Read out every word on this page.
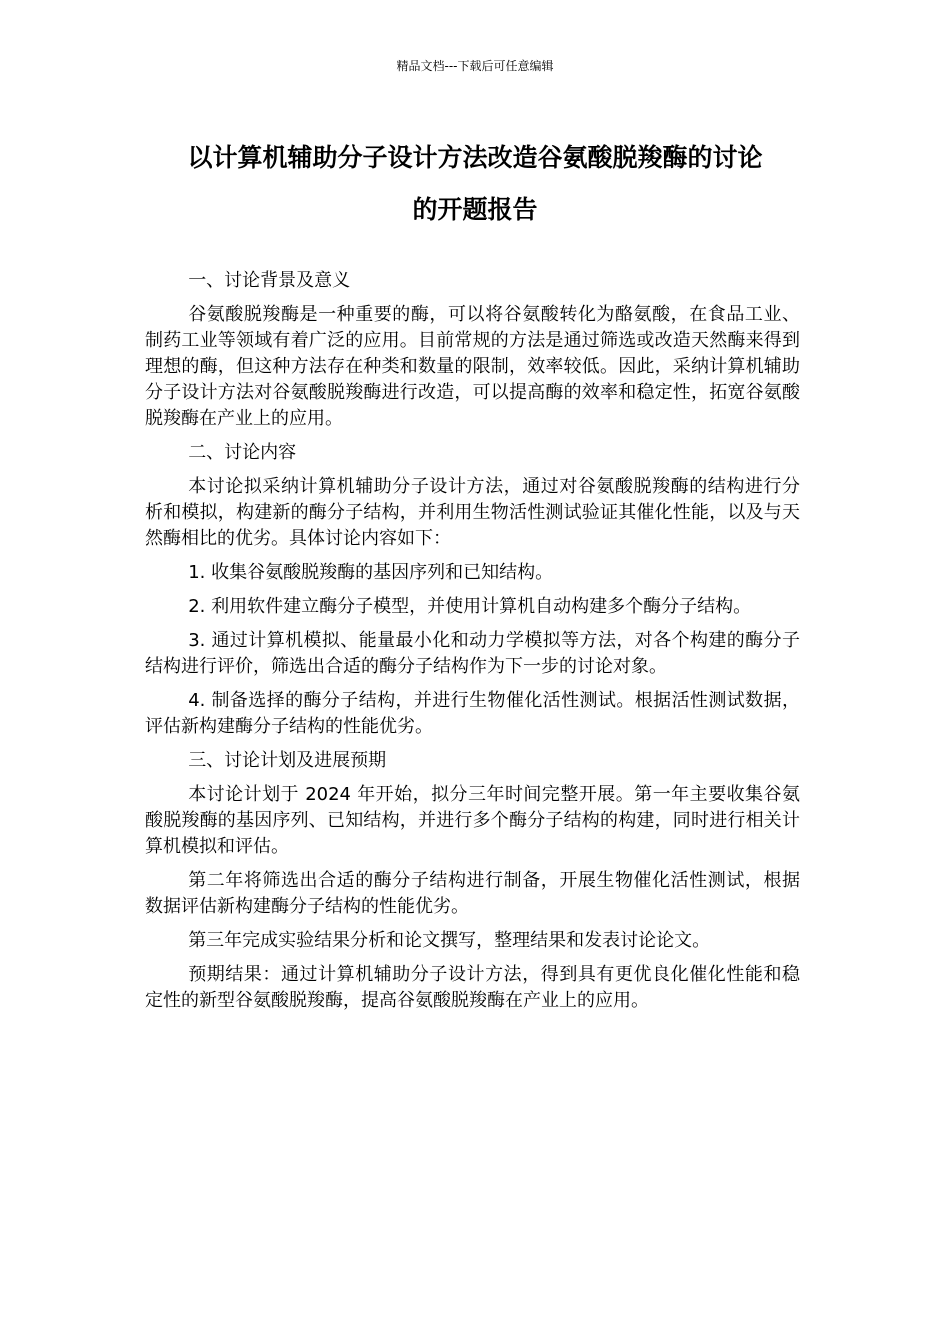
精品文档---下载后可任意编辑
以计算机辅助分子设计方法改造谷氨酸脱羧酶的讨论
的开题报告

一、讨论背景及意义

谷氨酸脱羧酶是一种重要的酶，可以将谷氨酸转化为酪氨酸，在食品工业、制药工业等领域有着广泛的应用。目前常规的方法是通过筛选或改造天然酶来得到理想的酶，但这种方法存在种类和数量的限制，效率较低。因此，采纳计算机辅助分子设计方法对谷氨酸脱羧酶进行改造，可以提高酶的效率和稳定性，拓宽谷氨酸脱羧酶在产业上的应用。

二、讨论内容

本讨论拟采纳计算机辅助分子设计方法，通过对谷氨酸脱羧酶的结构进行分析和模拟，构建新的酶分子结构，并利用生物活性测试验证其催化性能，以及与天然酶相比的优劣。具体讨论内容如下：

1. 收集谷氨酸脱羧酶的基因序列和已知结构。

2. 利用软件建立酶分子模型，并使用计算机自动构建多个酶分子结构。

3. 通过计算机模拟、能量最小化和动力学模拟等方法，对各个构建的酶分子结构进行评价，筛选出合适的酶分子结构作为下一步的讨论对象。

4. 制备选择的酶分子结构，并进行生物催化活性测试。根据活性测试数据，评估新构建酶分子结构的性能优劣。

三、讨论计划及进展预期

本讨论计划于 2024 年开始，拟分三年时间完整开展。第一年主要收集谷氨酸脱羧酶的基因序列、已知结构，并进行多个酶分子结构的构建，同时进行相关计算机模拟和评估。

第二年将筛选出合适的酶分子结构进行制备，开展生物催化活性测试，根据数据评估新构建酶分子结构的性能优劣。

第三年完成实验结果分析和论文撰写，整理结果和发表讨论论文。

预期结果：通过计算机辅助分子设计方法，得到具有更优良化催化性能和稳定性的新型谷氨酸脱羧酶，提高谷氨酸脱羧酶在产业上的应用。
